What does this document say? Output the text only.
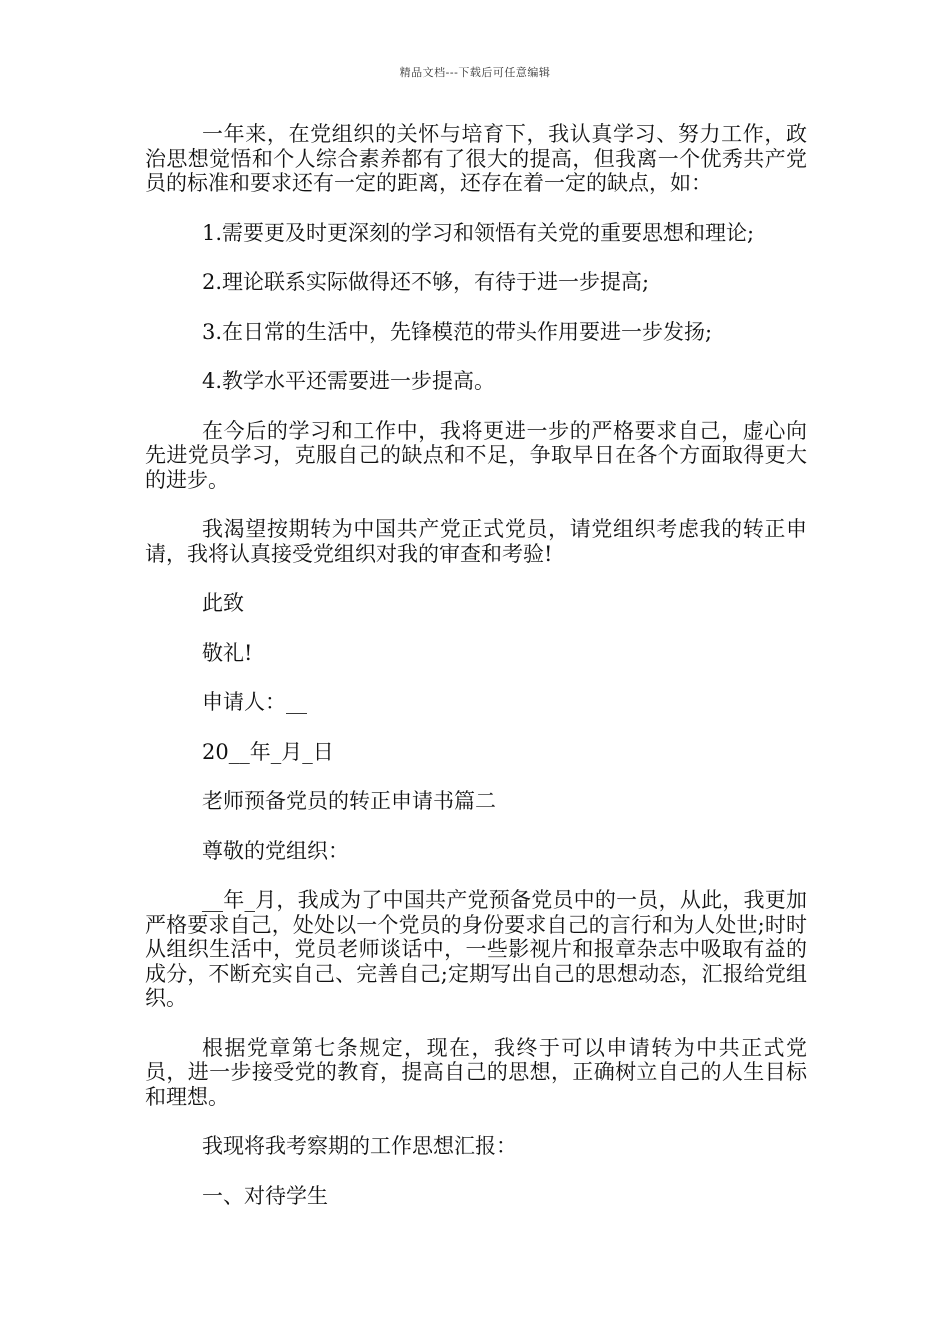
精品文档---下载后可任意编辑

一年来，在党组织的关怀与培育下，我认真学习、努力工作，政治思想觉悟和个人综合素养都有了很大的提高，但我离一个优秀共产党员的标准和要求还有一定的距离，还存在着一定的缺点，如：

1.需要更及时更深刻的学习和领悟有关党的重要思想和理论;

2.理论联系实际做得还不够，有待于进一步提高;

3.在日常的生活中，先锋模范的带头作用要进一步发扬;

4.教学水平还需要进一步提高。

在今后的学习和工作中，我将更进一步的严格要求自己，虚心向先进党员学习，克服自己的缺点和不足，争取早日在各个方面取得更大的进步。

我渴望按期转为中国共产党正式党员，请党组织考虑我的转正申请，我将认真接受党组织对我的审查和考验!

此致

敬礼!

申请人：__

20__年_月_日

老师预备党员的转正申请书篇二

尊敬的党组织：

__年_月，我成为了中国共产党预备党员中的一员，从此，我更加严格要求自己，处处以一个党员的身份要求自己的言行和为人处世;时时从组织生活中，党员老师谈话中，一些影视片和报章杂志中吸取有益的成分，不断充实自己、完善自己;定期写出自己的思想动态，汇报给党组织。

根据党章第七条规定，现在，我终于可以申请转为中共正式党员，进一步接受党的教育，提高自己的思想，正确树立自己的人生目标和理想。

我现将我考察期的工作思想汇报：

一、对待学生
